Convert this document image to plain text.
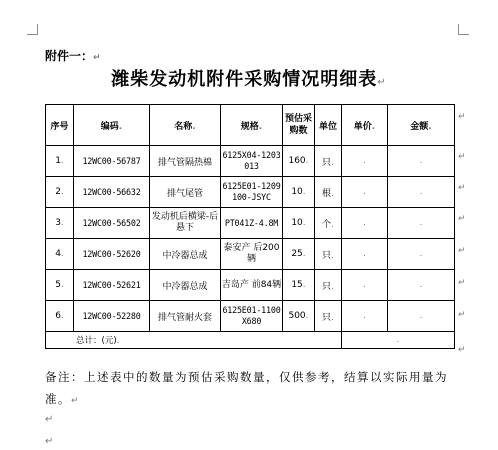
附件一：↵
潍柴发动机附件采购情况明细表↵
序号	编码.	名称.	规格.	预估采购数	单位	单价.	金额.
1.	12WC00-56787	排气管隔热棉	6125X04-1203013	160.	只.	.	.
2.	12WC00-56632	排气尾管	6125E01-1209100-JSYC	10.	根.	.	.
3.	12WC00-56502	发动机后横梁-后悬下	PT041Z-4.8M	10.	个.	.	.
4.	12WC00-52620	中冷器总成	泰安产 后200辆	25.	只.	.	.
5.	12WC00-52621	中冷器总成	吉岛产 前84辆	15.	只.	.	.
6.	12WC00-52280	排气管耐火套	6125E01-1100X680	500.	只.	.	.
总计：(元).						.	
↵
↵
↵
↵
↵
↵
↵
↵
备注：上述表中的数量为预估采购数量，仅供参考，结算以实际用量为准。↵
↵
↵
